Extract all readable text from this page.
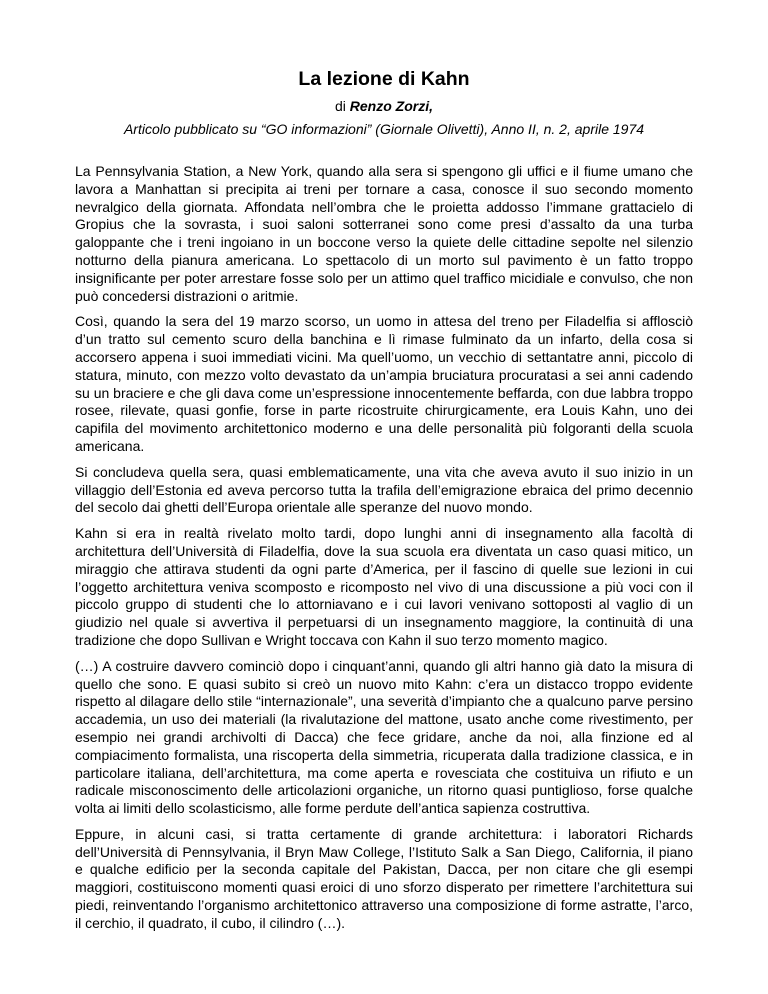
La lezione di Kahn
di Renzo Zorzi,
Articolo pubblicato su “GO informazioni” (Giornale Olivetti), Anno II, n. 2, aprile 1974

La Pennsylvania Station, a New York, quando alla sera si spengono gli uffici e il fiume umano che lavora a Manhattan si precipita ai treni per tornare a casa, conosce il suo secondo momento nevralgico della giornata. Affondata nell’ombra che le proietta addosso l’immane grattacielo di Gropius che la sovrasta, i suoi saloni sotterranei sono come presi d’assalto da una turba galoppante che i treni ingoiano in un boccone verso la quiete delle cittadine sepolte nel silenzio notturno della pianura americana. Lo spettacolo di un morto sul pavimento è un fatto troppo insignificante per poter arrestare fosse solo per un attimo quel traffico micidiale e convulso, che non può concedersi distrazioni o aritmie.

Così, quando la sera del 19 marzo scorso, un uomo in attesa del treno per Filadelfia si afflosciò d’un tratto sul cemento scuro della banchina e lì rimase fulminato da un infarto, della cosa si accorsero appena i suoi immediati vicini. Ma quell’uomo, un vecchio di settantatre anni, piccolo di statura, minuto, con mezzo volto devastato da un’ampia bruciatura procuratasi a sei anni cadendo su un braciere e che gli dava come un’espressione innocentemente beffarda, con due labbra troppo rosee, rilevate, quasi gonfie, forse in parte ricostruite chirurgicamente, era Louis Kahn, uno dei capifila del movimento architettonico moderno e una delle personalità più folgoranti della scuola americana.

Si concludeva quella sera, quasi emblematicamente, una vita che aveva avuto il suo inizio in un villaggio dell’Estonia ed aveva percorso tutta la trafila dell’emigrazione ebraica del primo decennio del secolo dai ghetti dell’Europa orientale alle speranze del nuovo mondo.

Kahn si era in realtà rivelato molto tardi, dopo lunghi anni di insegnamento alla facoltà di architettura dell’Università di Filadelfia, dove la sua scuola era diventata un caso quasi mitico, un miraggio che attirava studenti da ogni parte d’America, per il fascino di quelle sue lezioni in cui l’oggetto architettura veniva scomposto e ricomposto nel vivo di una discussione a più voci con il piccolo gruppo di studenti che lo attorniavano e i cui lavori venivano sottoposti al vaglio di un giudizio nel quale si avvertiva il perpetuarsi di un insegnamento maggiore, la continuità di una tradizione che dopo Sullivan e Wright toccava con Kahn il suo terzo momento magico.

(…) A costruire davvero cominciò dopo i cinquant’anni, quando gli altri hanno già dato la misura di quello che sono. E quasi subito si creò un nuovo mito Kahn: c’era un distacco troppo evidente rispetto al dilagare dello stile “internazionale”, una severità d’impianto che a qualcuno parve persino accademia, un uso dei materiali (la rivalutazione del mattone, usato anche come rivestimento, per esempio nei grandi archivolti di Dacca) che fece gridare, anche da noi, alla finzione ed al compiacimento formalista, una riscoperta della simmetria, ricuperata dalla tradizione classica, e in particolare italiana, dell’architettura, ma come aperta e rovesciata che costituiva un rifiuto e un radicale misconoscimento delle articolazioni organiche, un ritorno quasi puntiglioso, forse qualche volta ai limiti dello scolasticismo, alle forme perdute dell’antica sapienza costruttiva.

Eppure, in alcuni casi, si tratta certamente di grande architettura: i laboratori Richards dell’Università di Pennsylvania, il Bryn Maw College, l’Istituto Salk a San Diego, California, il piano e qualche edificio per la seconda capitale del Pakistan, Dacca, per non citare che gli esempi maggiori, costituiscono momenti quasi eroici di uno sforzo disperato per rimettere l’architettura sui piedi, reinventando l’organismo architettonico attraverso una composizione di forme astratte, l’arco, il cerchio, il quadrato, il cubo, il cilindro (…).
